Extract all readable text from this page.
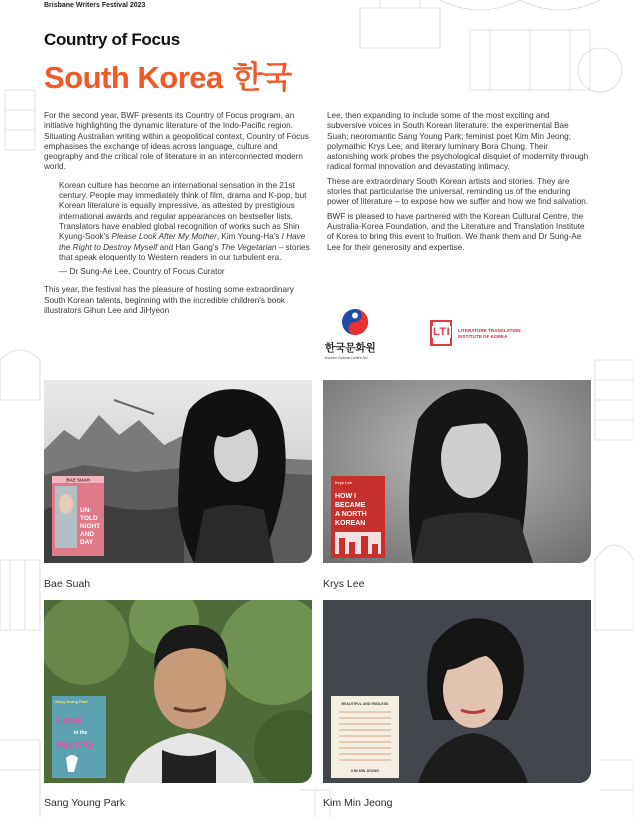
Brisbane Writers Festival 2023
Country of Focus
South Korea 한국

For the second year, BWF presents its Country of Focus program, an initiative highlighting the dynamic literature of the Indo-Pacific region. Situating Australian writing within a geopolitical context, Country of Focus emphasises the exchange of ideas across language, culture and geography and the critical role of literature in an interconnected modern world.

Korean culture has become an international sensation in the 21st century. People may immediately think of film, drama and K-pop, but Korean literature is equally impressive, as attested by prestigious international awards and regular appearances on bestseller lists.

Translators have enabled global recognition of works such as Shin Kyung-Sook's Please Look After My Mother, Kim Young-Ha's I Have the Right to Destroy Myself and Han Gang's The Vegetarian – stories that speak eloquently to Western readers in our turbulent era.

— Dr Sung-Ae Lee, Country of Focus Curator

This year, the festival has the pleasure of hosting some extraordinary South Korean talents, beginning with the incredible children's book illustrators Gihun Lee and JiHyeon

Lee, then expanding to include some of the most exciting and subversive voices in South Korean literature: the experimental Bae Suah; neoromantic Sang Young Park; feminist poet Kim Min Jeong; polymathic Krys Lee; and literary luminary Bora Chung. Their astonishing work probes the psychological disquiet of modernity through radical formal innovation and devastating intimacy.

These are extraordinary South Korean artists and stories. They are stories that particularise the universal, reminding us of the enduring power of literature – to expose how we suffer and how we find salvation.

BWF is pleased to have partnered with the Korean Cultural Centre, the Australia-Korea Foundation, and the Literature and Translation Institute of Korea to bring this event to fruition. We thank them and Dr Sung-Ae Lee for their generosity and expertise.

한국문화원
Korean Cultural Centre AU
LTI LITERATURE TRANSLATION
INSTITUTE OF KOREA
BAE SUAH
UN-
TOLD
NIGHT
AND
DAY
Bae Suah
Krys Lee
HOW I
BECAME
A NORTH
KOREAN
Krys Lee
Sang Young Park
Love
in the
Big City
Sang Young Park
BEAUTIFUL AND ENDLESS
KIM MIN JEONG
Kim Min Jeong
